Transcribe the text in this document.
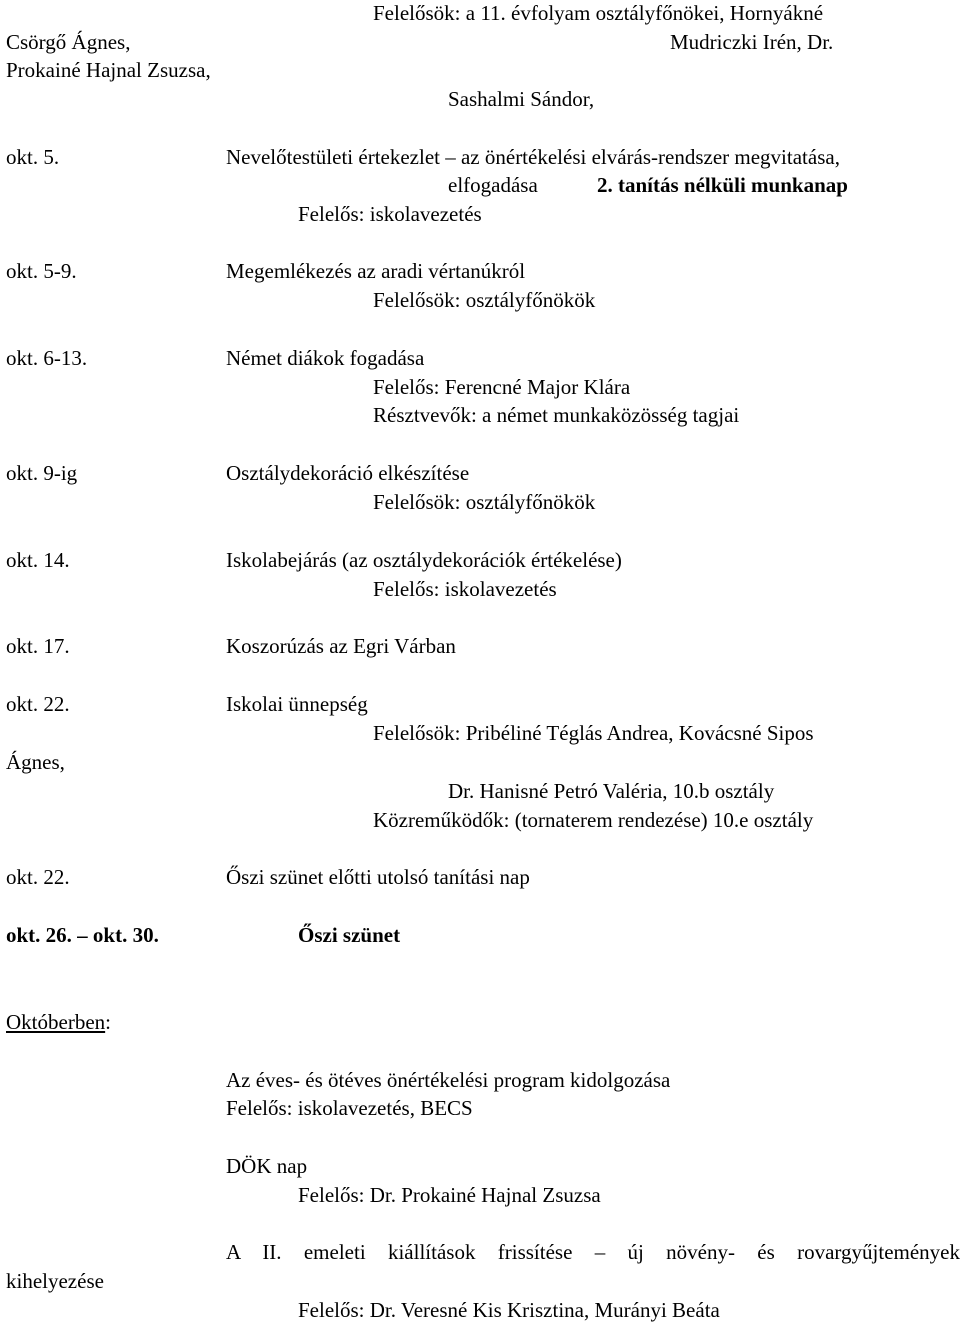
Felelősök: a 11. évfolyam osztályfőnökei, Hornyákné
Csörgő Ágnes,	Mudriczki Irén, Dr.
Prokainé Hajnal Zsuzsa,
Sashalmi Sándor,
okt. 5.	Nevelőtestületi értekezlet – az önértékelési elvárás-rendszer megvitatása,
elfogadása	2. tanítás nélküli munkanap
Felelős: iskolavezetés
okt. 5-9.	Megemlékezés az aradi vértanúkról
Felelősök: osztályfőnökök
okt. 6-13.	Német diákok fogadása
Felelős: Ferencné Major Klára
Résztvevők: a német munkaközösség tagjai
okt. 9-ig	Osztálydekoráció elkészítése
Felelősök: osztályfőnökök
okt. 14.	Iskolabejárás (az osztálydekorációk értékelése)
Felelős: iskolavezetés
okt. 17.	Koszorúzás az Egri Várban
okt. 22.	Iskolai ünnepség
Felelősök: Pribéliné Téglás Andrea, Kovácsné Sipos
Ágnes,
Dr. Hanisné Petró Valéria, 10.b osztály
Közreműködők: (tornaterem rendezése) 10.e osztály
okt. 22.	Őszi szünet előtti utolsó tanítási nap
okt. 26. – okt. 30.	Őszi szünet
Októberben:
Az éves- és ötéves önértékelési program kidolgozása
Felelős: iskolavezetés, BECS
DÖK nap
Felelős: Dr. Prokainé Hajnal Zsuzsa
A II. emeleti kiállítások frissítése – új növény- és rovargyűjtemények
kihelyezése
Felelős: Dr. Veresné Kis Krisztina, Murányi Beáta
